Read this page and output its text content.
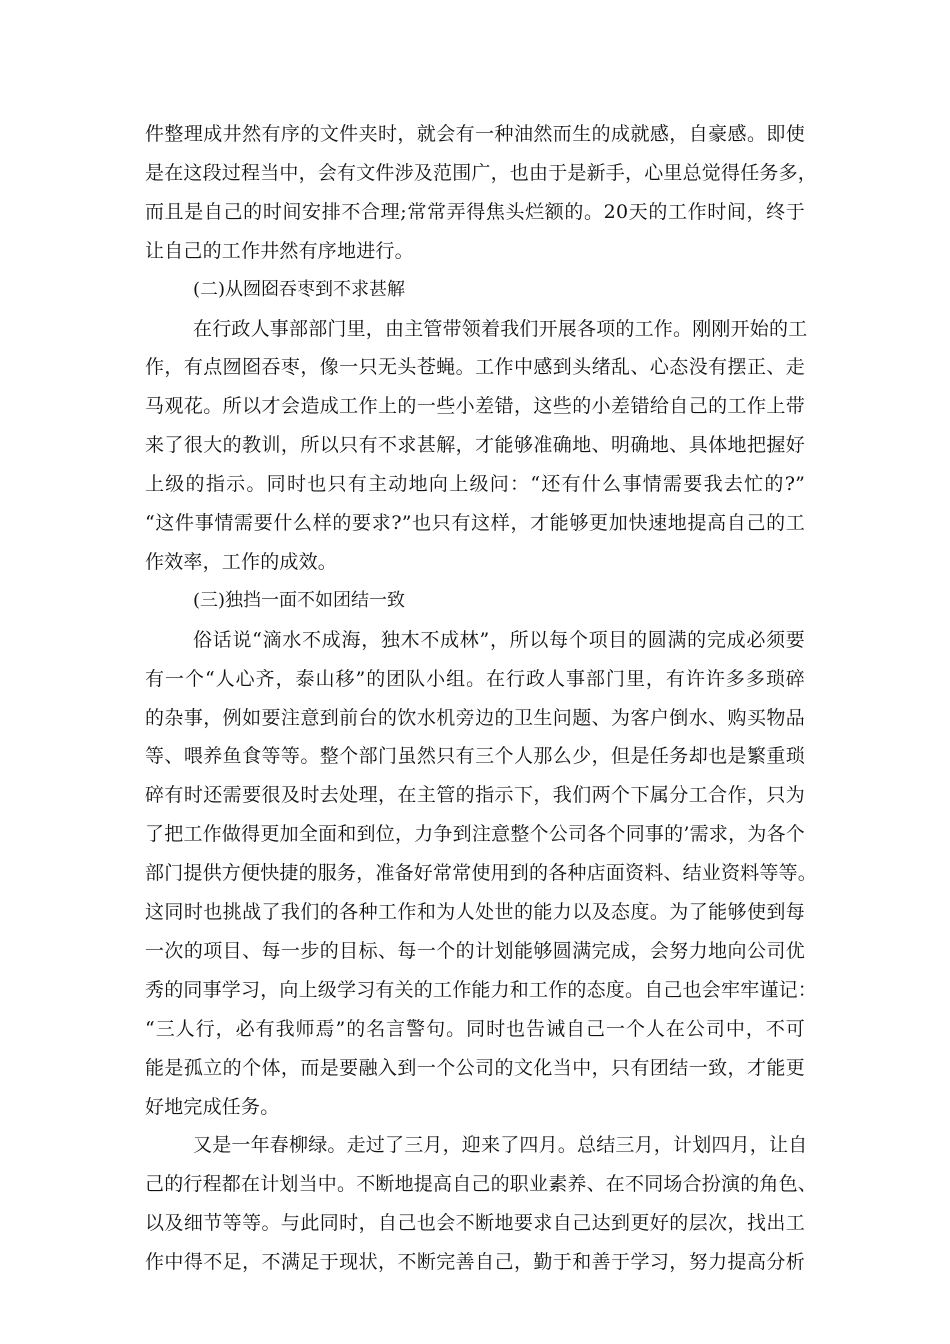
件整理成井然有序的文件夹时，就会有一种油然而生的成就感，自豪感。即使
是在这段过程当中，会有文件涉及范围广，也由于是新手，心里总觉得任务多，
而且是自己的时间安排不合理;常常弄得焦头烂额的。20天的工作时间，终于
让自己的工作井然有序地进行。
(二)从囫囵吞枣到不求甚解
在行政人事部部门里，由主管带领着我们开展各项的工作。刚刚开始的工
作，有点囫囵吞枣，像一只无头苍蝇。工作中感到头绪乱、心态没有摆正、走
马观花。所以才会造成工作上的一些小差错，这些的小差错给自己的工作上带
来了很大的教训，所以只有不求甚解，才能够准确地、明确地、具体地把握好
上级的指示。同时也只有主动地向上级问：“还有什么事情需要我去忙的?”
“这件事情需要什么样的要求?”也只有这样，才能够更加快速地提高自己的工
作效率，工作的成效。
(三)独挡一面不如团结一致
俗话说“滴水不成海，独木不成林”，所以每个项目的圆满的完成必须要
有一个“人心齐，泰山移”的团队小组。在行政人事部门里，有许许多多琐碎
的杂事，例如要注意到前台的饮水机旁边的卫生问题、为客户倒水、购买物品
等、喂养鱼食等等。整个部门虽然只有三个人那么少，但是任务却也是繁重琐
碎有时还需要很及时去处理，在主管的指示下，我们两个下属分工合作，只为
了把工作做得更加全面和到位，力争到注意整个公司各个同事的’需求，为各个
部门提供方便快捷的服务，准备好常常使用到的各种店面资料、结业资料等等。
这同时也挑战了我们的各种工作和为人处世的能力以及态度。为了能够使到每
一次的项目、每一步的目标、每一个的计划能够圆满完成，会努力地向公司优
秀的同事学习，向上级学习有关的工作能力和工作的态度。自己也会牢牢谨记：
“三人行，必有我师焉”的名言警句。同时也告诫自己一个人在公司中，不可
能是孤立的个体，而是要融入到一个公司的文化当中，只有团结一致，才能更
好地完成任务。
又是一年春柳绿。走过了三月，迎来了四月。总结三月，计划四月，让自
己的行程都在计划当中。不断地提高自己的职业素养、在不同场合扮演的角色、
以及细节等等。与此同时，自己也会不断地要求自己达到更好的层次，找出工
作中得不足，不满足于现状，不断完善自己，勤于和善于学习，努力提高分析
